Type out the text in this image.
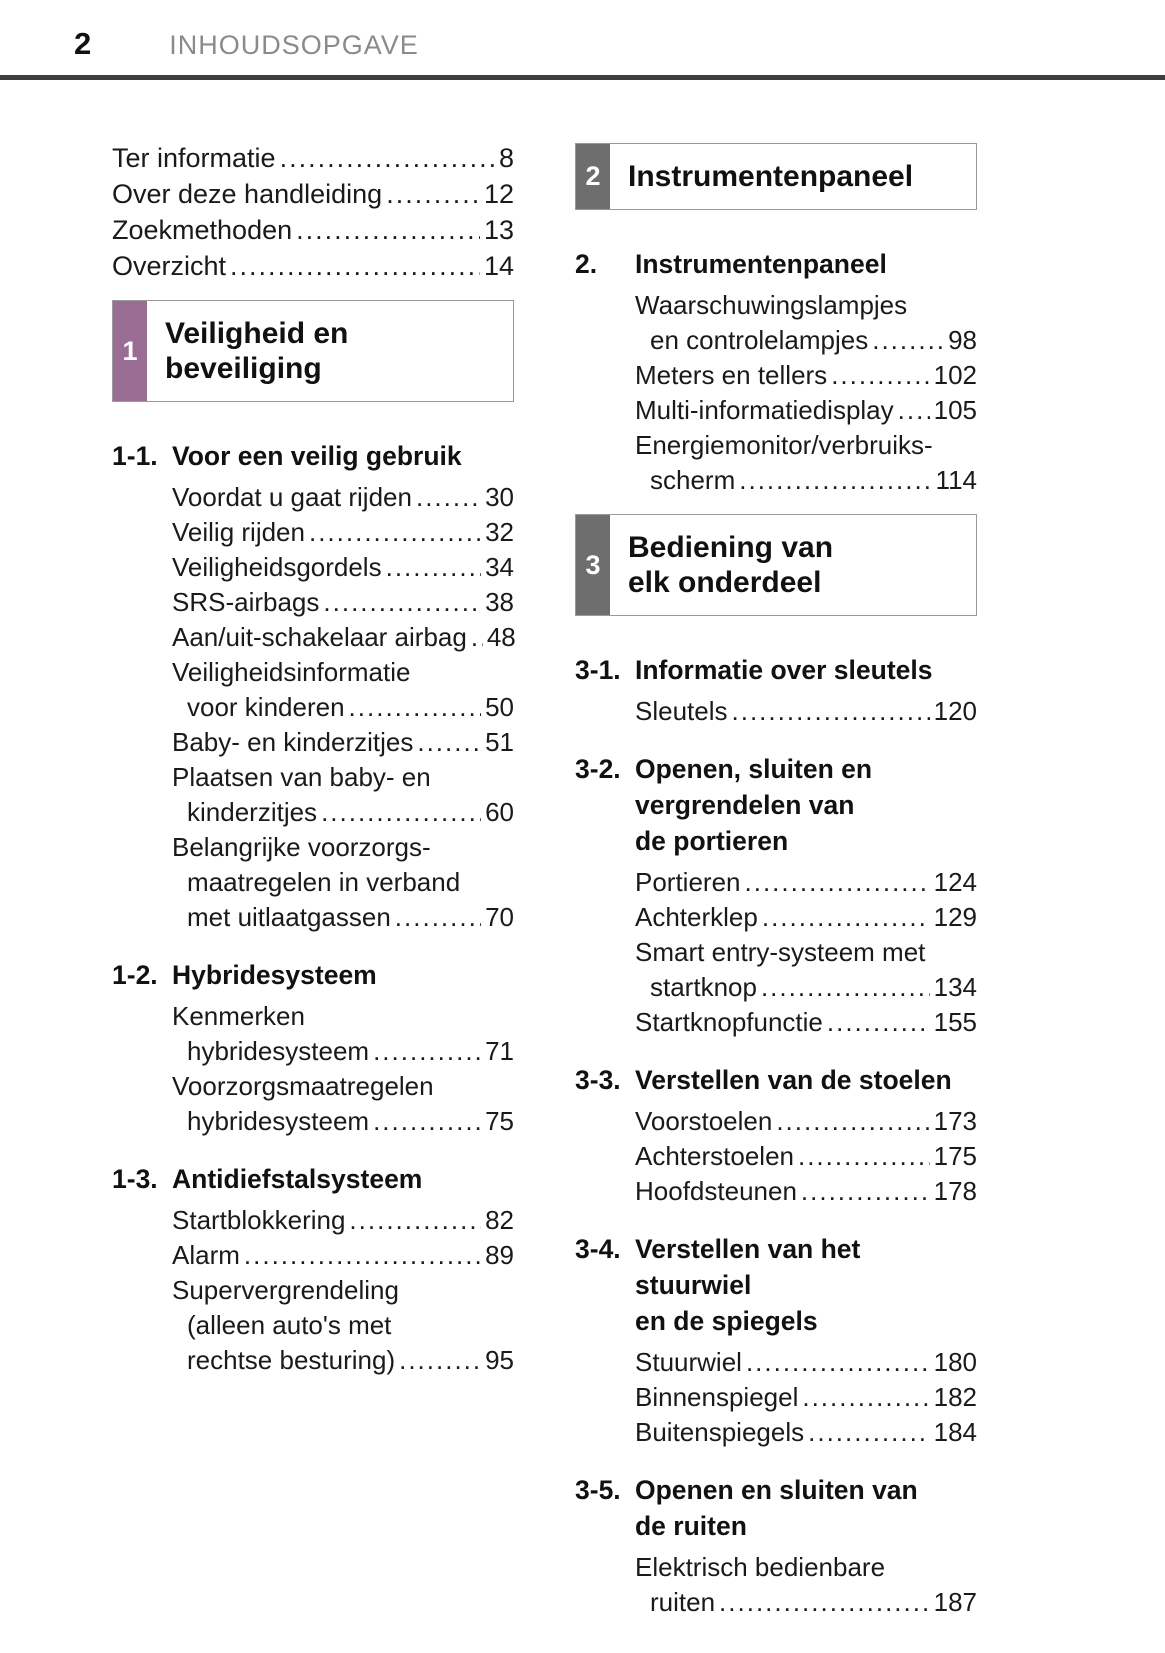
2	INHOUDSOPGAVE
Ter informatie .....	8
Over deze handleiding .....	12
Zoekmethoden .....	13
Overzicht .....	14
1
Veiligheid en beveiliging
1-1. Voor een veilig gebruik
Voordat u gaat rijden .....	30
Veilig rijden .....	32
Veiligheidsgordels .....	34
SRS-airbags .....	38
Aan/uit-schakelaar airbag ..... 48
Veiligheidsinformatie
voor kinderen .....	50
Baby- en kinderzitjes .....	51
Plaatsen van baby- en
kinderzitjes .....	60
Belangrijke voorzorgs-
maatregelen in verband
met uitlaatgassen .....	70
1-2. Hybridesysteem
Kenmerken
hybridesysteem .....	71
Voorzorgsmaatregelen
hybridesysteem .....	75
1-3. Antidiefstalsysteem
Startblokkering .....	82
Alarm .....	89
Supervergrendeling
(alleen auto's met
rechtse besturing) .....	95
2 Instrumentenpaneel
2.	Instrumentenpaneel
Waarschuwingslampjes
en controlelampjes .....	98
Meters en tellers .....	102
Multi-informatiedisplay ..... 105
Energiemonitor/verbruiks-
scherm .....	114
3
Bediening van
elk onderdeel
3-1. Informatie over sleutels
Sleutels .....	120
3-2. Openen, sluiten en
vergrendelen van
de portieren
Portieren .....	124
Achterklep .....	129
Smart entry-systeem met
startknop .....	134
Startknopfunctie .....	155
3-3. Verstellen van de stoelen
Voorstoelen .....	173
Achterstoelen .....	175
Hoofdsteunen .....	178
3-4. Verstellen van het stuurwiel
en de spiegels
Stuurwiel .....	180
Binnenspiegel .....	182
Buitenspiegels .....	184
3-5. Openen en sluiten van
de ruiten
Elektrisch bedienbare
ruiten .....	187
